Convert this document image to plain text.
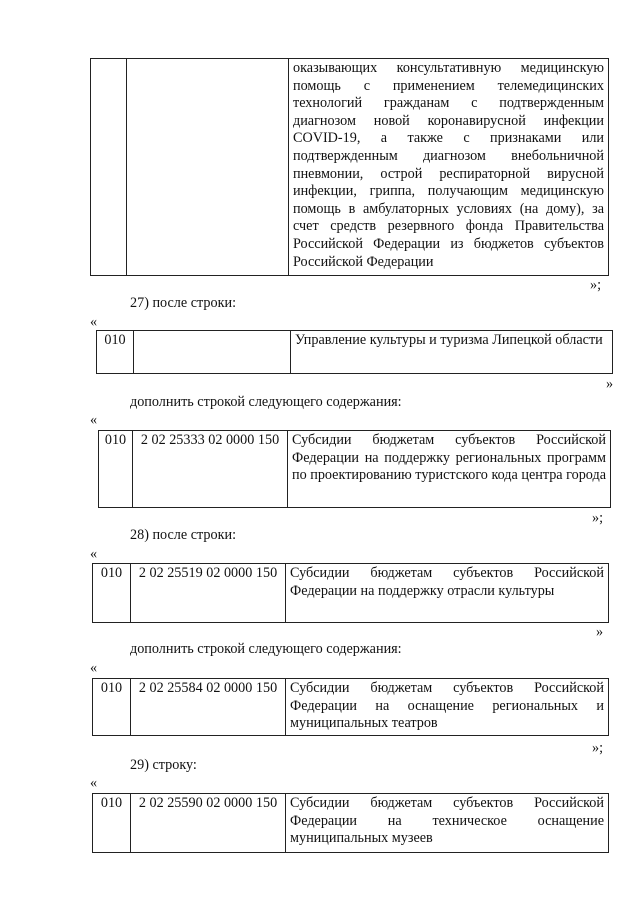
		оказывающих консультативную медицинскую помощь с применением телемедицинских технологий гражданам с подтвержденным диагнозом новой коронавирусной инфекции COVID-19, а также с признаками или подтвержденным диагнозом внебольничной пневмонии, острой респираторной вирусной инфекции, гриппа, получающим медицинскую помощь в амбулаторных условиях (на дому), за счет средств резервного фонда Правительства Российской Федерации из бюджетов субъектов Российской Федерации
»;
27) после строки:
«
010		Управление культуры и туризма Липецкой области
»
дополнить строкой следующего содержания:
«
010	2 02 25333 02 0000 150	Субсидии бюджетам субъектов Российской Федерации на поддержку региональных программ по проектированию туристского кода центра города
»;
28) после строки:
«
010	2 02 25519 02 0000 150	Субсидии бюджетам субъектов Российской Федерации на поддержку отрасли культуры
»
дополнить строкой следующего содержания:
«
010	2 02 25584 02 0000 150	Субсидии бюджетам субъектов Российской Федерации на оснащение региональных и муниципальных театров
»;
29) строку:
«
010	2 02 25590 02 0000 150	Субсидии бюджетам субъектов Российской Федерации на техническое оснащение муниципальных музеев
